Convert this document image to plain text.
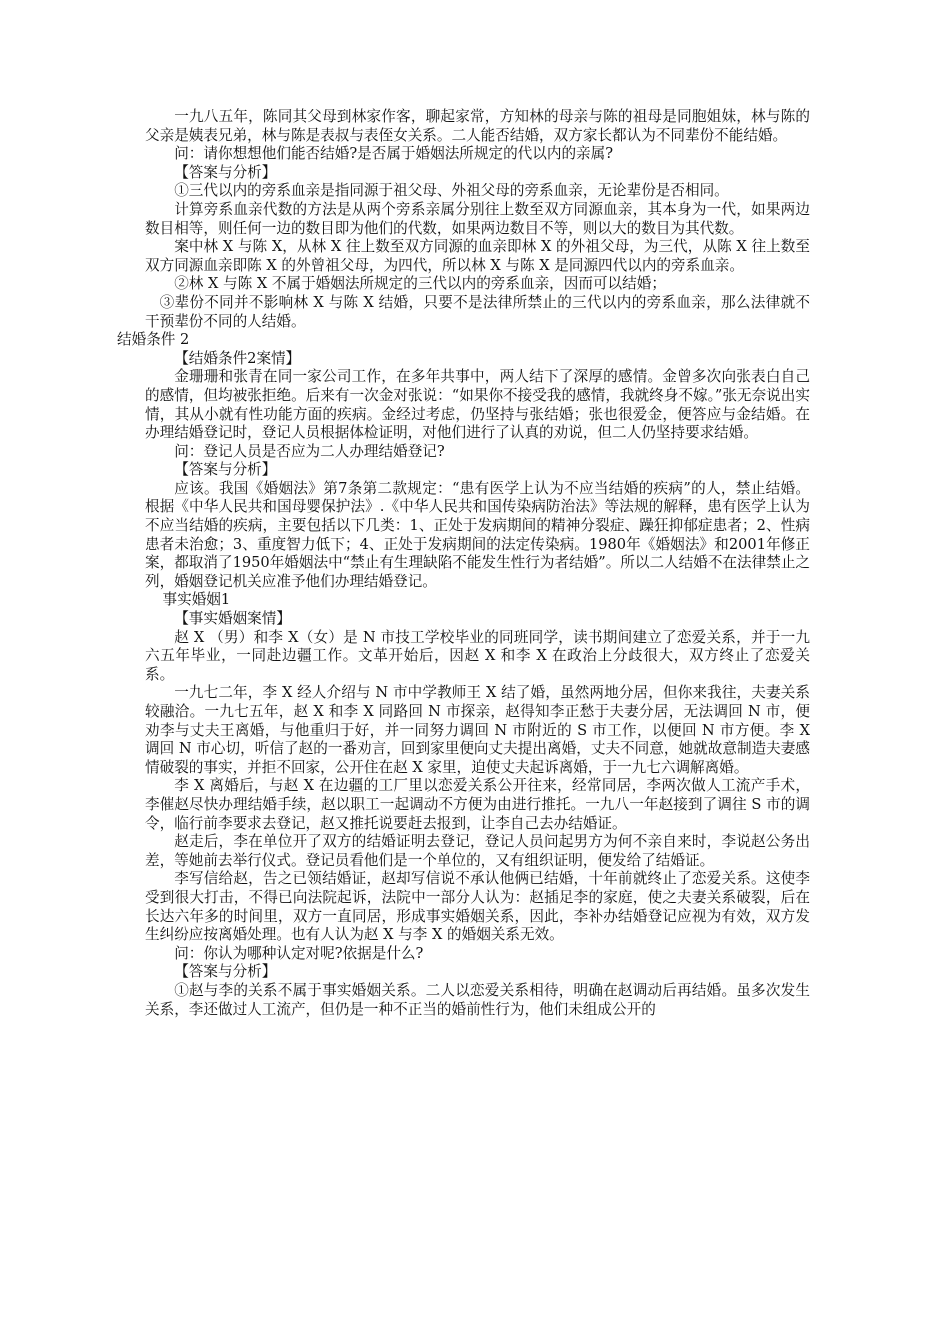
一九八五年，陈同其父母到林家作客，聊起家常，方知林的母亲与陈的祖母是同胞姐妹，林与陈的父亲是姨表兄弟，林与陈是表叔与表侄女关系。二人能否结婚，双方家长都认为不同辈份不能结婚。

问：请你想想他们能否结婚?是否属于婚姻法所规定的代以内的亲属?

【答案与分析】

①三代以内的旁系血亲是指同源于祖父母、外祖父母的旁系血亲，无论辈份是否相同。

计算旁系血亲代数的方法是从两个旁系亲属分别往上数至双方同源血亲，其本身为一代，如果两边数目相等，则任何一边的数目即为他们的代数，如果两边数目不等，则以大的数目为其代数。

案中林 X 与陈 X，从林 X 往上数至双方同源的血亲即林 X 的外祖父母，为三代，从陈 X 往上数至双方同源血亲即陈 X 的外曾祖父母，为四代，所以林 X 与陈 X 是同源四代以内的旁系血亲。

②林 X 与陈 X 不属于婚姻法所规定的三代以内的旁系血亲，因而可以结婚；

③辈份不同并不影响林 X 与陈 X 结婚，只要不是法律所禁止的三代以内的旁系血亲，那么法律就不干预辈份不同的人结婚。

结婚条件 2

【结婚条件2案情】

金珊珊和张青在同一家公司工作，在多年共事中，两人结下了深厚的感情。金曾多次向张表白自己的感情，但均被张拒绝。后来有一次金对张说：“如果你不接受我的感情，我就终身不嫁。”张无奈说出实情，其从小就有性功能方面的疾病。金经过考虑，仍坚持与张结婚；张也很爱金，便答应与金结婚。在办理结婚登记时，登记人员根据体检证明，对他们进行了认真的劝说，但二人仍坚持要求结婚。

问：登记人员是否应为二人办理结婚登记?

【答案与分析】

应该。我国《婚姻法》第7条第二款规定：“患有医学上认为不应当结婚的疾病”的人，禁止结婚。根据《中华人民共和国母婴保护法》.《中华人民共和国传染病防治法》等法规的解释，患有医学上认为不应当结婚的疾病，主要包括以下几类：1、正处于发病期间的精神分裂症、躁狂抑郁症患者；2、性病患者未治愈；3、重度智力低下；4、正处于发病期间的法定传染病。1980年《婚姻法》和2001年修正案，都取消了1950年婚姻法中“禁止有生理缺陷不能发生性行为者结婚”。所以二人结婚不在法律禁止之列，婚姻登记机关应准予他们办理结婚登记。

事实婚姻1

【事实婚姻案情】

赵 X （男）和李 X（女）是 N 市技工学校毕业的同班同学，读书期间建立了恋爱关系，并于一九六五年毕业，一同赴边疆工作。文革开始后，因赵 X 和李 X 在政治上分歧很大，双方终止了恋爱关系。

一九七二年，李 X 经人介绍与 N 市中学教师王 X 结了婚，虽然两地分居，但你来我往，夫妻关系较融洽。一九七五年，赵 X 和李 X 同路回 N 市探亲，赵得知李正愁于夫妻分居，无法调回 N 市，便劝李与丈夫王离婚，与他重归于好，并一同努力调回 N 市附近的 S 市工作，以便回 N 市方便。李 X 调回 N 市心切，听信了赵的一番劝言，回到家里便向丈夫提出离婚，丈夫不同意，她就故意制造夫妻感情破裂的事实，并拒不回家，公开住在赵 X 家里，迫使丈夫起诉离婚，于一九七六调解离婚。

李 X 离婚后，与赵 X 在边疆的工厂里以恋爱关系公开往来，经常同居，李两次做人工流产手术，李催赵尽快办理结婚手续，赵以职工一起调动不方便为由进行推托。一九八一年赵接到了调往 S 市的调令，临行前李要求去登记，赵又推托说要赶去报到，让李自己去办结婚证。

赵走后，李在单位开了双方的结婚证明去登记，登记人员问起男方为何不亲自来时，李说赵公务出差，等她前去举行仪式。登记员看他们是一个单位的，又有组织证明，便发给了结婚证。

李写信给赵，告之已领结婚证，赵却写信说不承认他俩已结婚，十年前就终止了恋爱关系。这使李受到很大打击，不得已向法院起诉，法院中一部分人认为：赵插足李的家庭，使之夫妻关系破裂，后在长达六年多的时间里，双方一直同居，形成事实婚姻关系，因此，李补办结婚登记应视为有效，双方发生纠纷应按离婚处理。也有人认为赵 X 与李 X 的婚姻关系无效。

问：你认为哪种认定对呢?依据是什么?

【答案与分析】

①赵与李的关系不属于事实婚姻关系。二人以恋爱关系相待，明确在赵调动后再结婚。虽多次发生关系，李还做过人工流产，但仍是一种不正当的婚前性行为，他们未组成公开的
